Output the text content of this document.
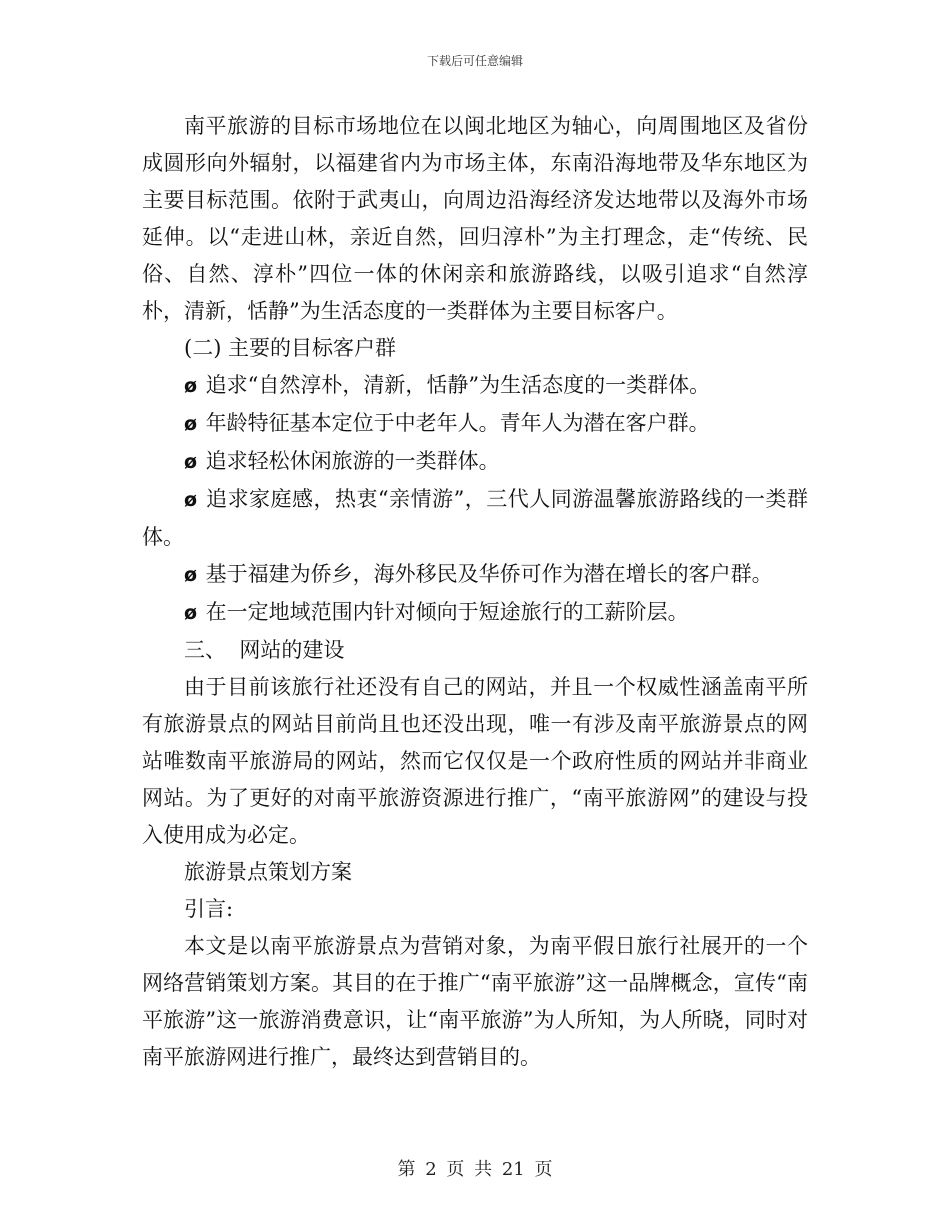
下载后可任意编辑

南平旅游的目标市场地位在以闽北地区为轴心，向周围地区及省份成圆形向外辐射，以福建省内为市场主体，东南沿海地带及华东地区为主要目标范围。依附于武夷山，向周边沿海经济发达地带以及海外市场延伸。以“走进山林，亲近自然，回归淳朴”为主打理念，走“传统、民俗、自然、淳朴”四位一体的休闲亲和旅游路线，以吸引追求“自然淳朴，清新，恬静”为生活态度的一类群体为主要目标客户。

(二) 主要的目标客户群

ø 追求“自然淳朴，清新，恬静”为生活态度的一类群体。

ø 年龄特征基本定位于中老年人。青年人为潜在客户群。

ø 追求轻松休闲旅游的一类群体。

ø 追求家庭感，热衷“亲情游”，三代人同游温馨旅游路线的一类群体。

ø 基于福建为侨乡，海外移民及华侨可作为潜在增长的客户群。

ø 在一定地域范围内针对倾向于短途旅行的工薪阶层。

三、  网站的建设

由于目前该旅行社还没有自己的网站，并且一个权威性涵盖南平所有旅游景点的网站目前尚且也还没出现，唯一有涉及南平旅游景点的网站唯数南平旅游局的网站，然而它仅仅是一个政府性质的网站并非商业网站。为了更好的对南平旅游资源进行推广，“南平旅游网”的建设与投入使用成为必定。

旅游景点策划方案

引言:

本文是以南平旅游景点为营销对象，为南平假日旅行社展开的一个网络营销策划方案。其目的在于推广“南平旅游”这一品牌概念，宣传“南平旅游”这一旅游消费意识，让“南平旅游”为人所知，为人所晓，同时对南平旅游网进行推广，最终达到营销目的。

第 2 页 共 21 页
